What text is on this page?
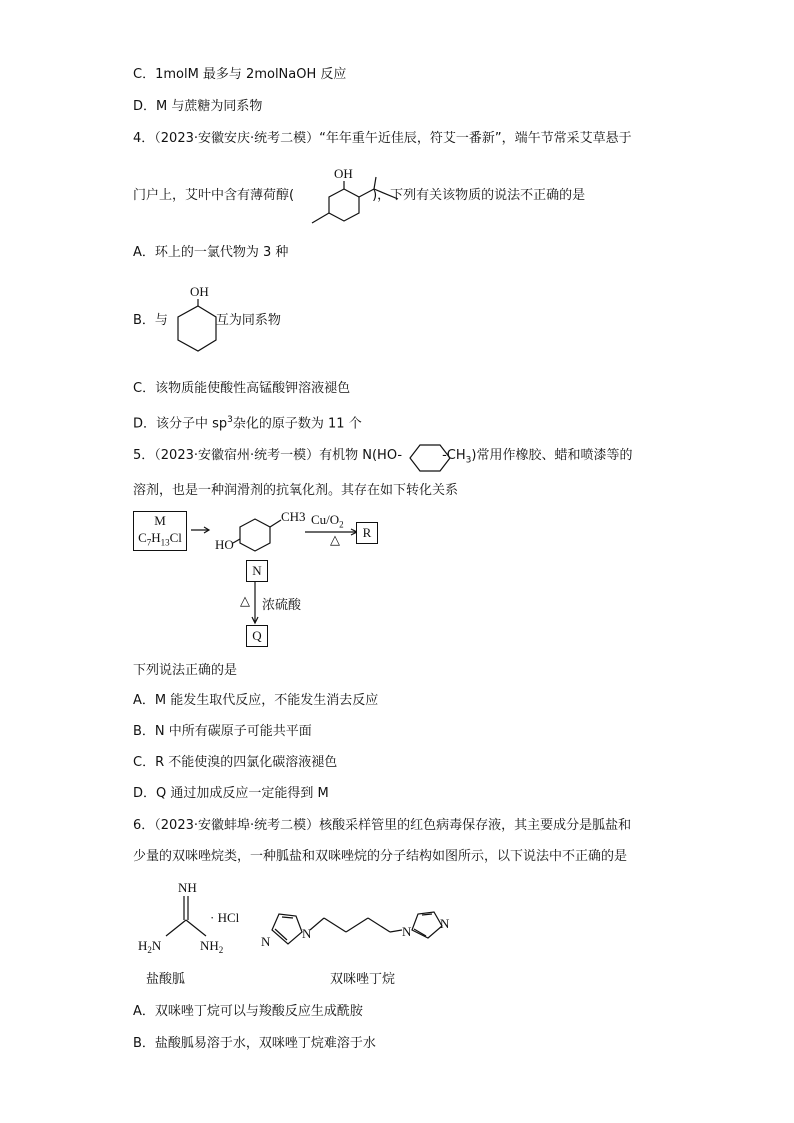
C．1molM 最多与 2molNaOH 反应
D．M 与蔗糖为同系物
4．（2023·安徽安庆·统考二模）“年年重午近佳辰，符艾一番新”，端午节常采艾草悬于
门户上，艾叶中含有薄荷醇(	)，下列有关该物质的说法不正确的是
A．环上的一氯代物为 3 种
B．与	互为同系物
C．该物质能使酸性高锰酸钾溶液褪色
D．该分子中 $sp^3$杂化的原子数为 11 个
5．（2023·安徽宿州·统考一模）有机物 N(HO-	$-CH_3$)常用作橡胶、蜡和喷漆等的
溶剂，也是一种润滑剂的抗氧化剂。其存在如下转化关系
下列说法正确的是
A．M 能发生取代反应，不能发生消去反应
B．N 中所有碳原子可能共平面
C．R 不能使溴的四氯化碳溶液褪色
D．Q 通过加成反应一定能得到 M
6．（2023·安徽蚌埠·统考二模）核酸采样管里的红色病毒保存液，其主要成分是胍盐和
少量的双咪唑烷类，一种胍盐和双咪唑烷的分子结构如图所示，以下说法中不正确的是
A．双咪唑丁烷可以与羧酸反应生成酰胺
B．盐酸胍易溶于水，双咪唑丁烷难溶于水
OH
OH
M
$C_7H_{13}Cl$	HO
CH3 $Cu/O_2$
△
R
N
△ 浓硫酸
Q
NH
$H_2N$	$NH_2$
· HCl
N
N	N
N
盐酸胍	双咪唑丁烷
